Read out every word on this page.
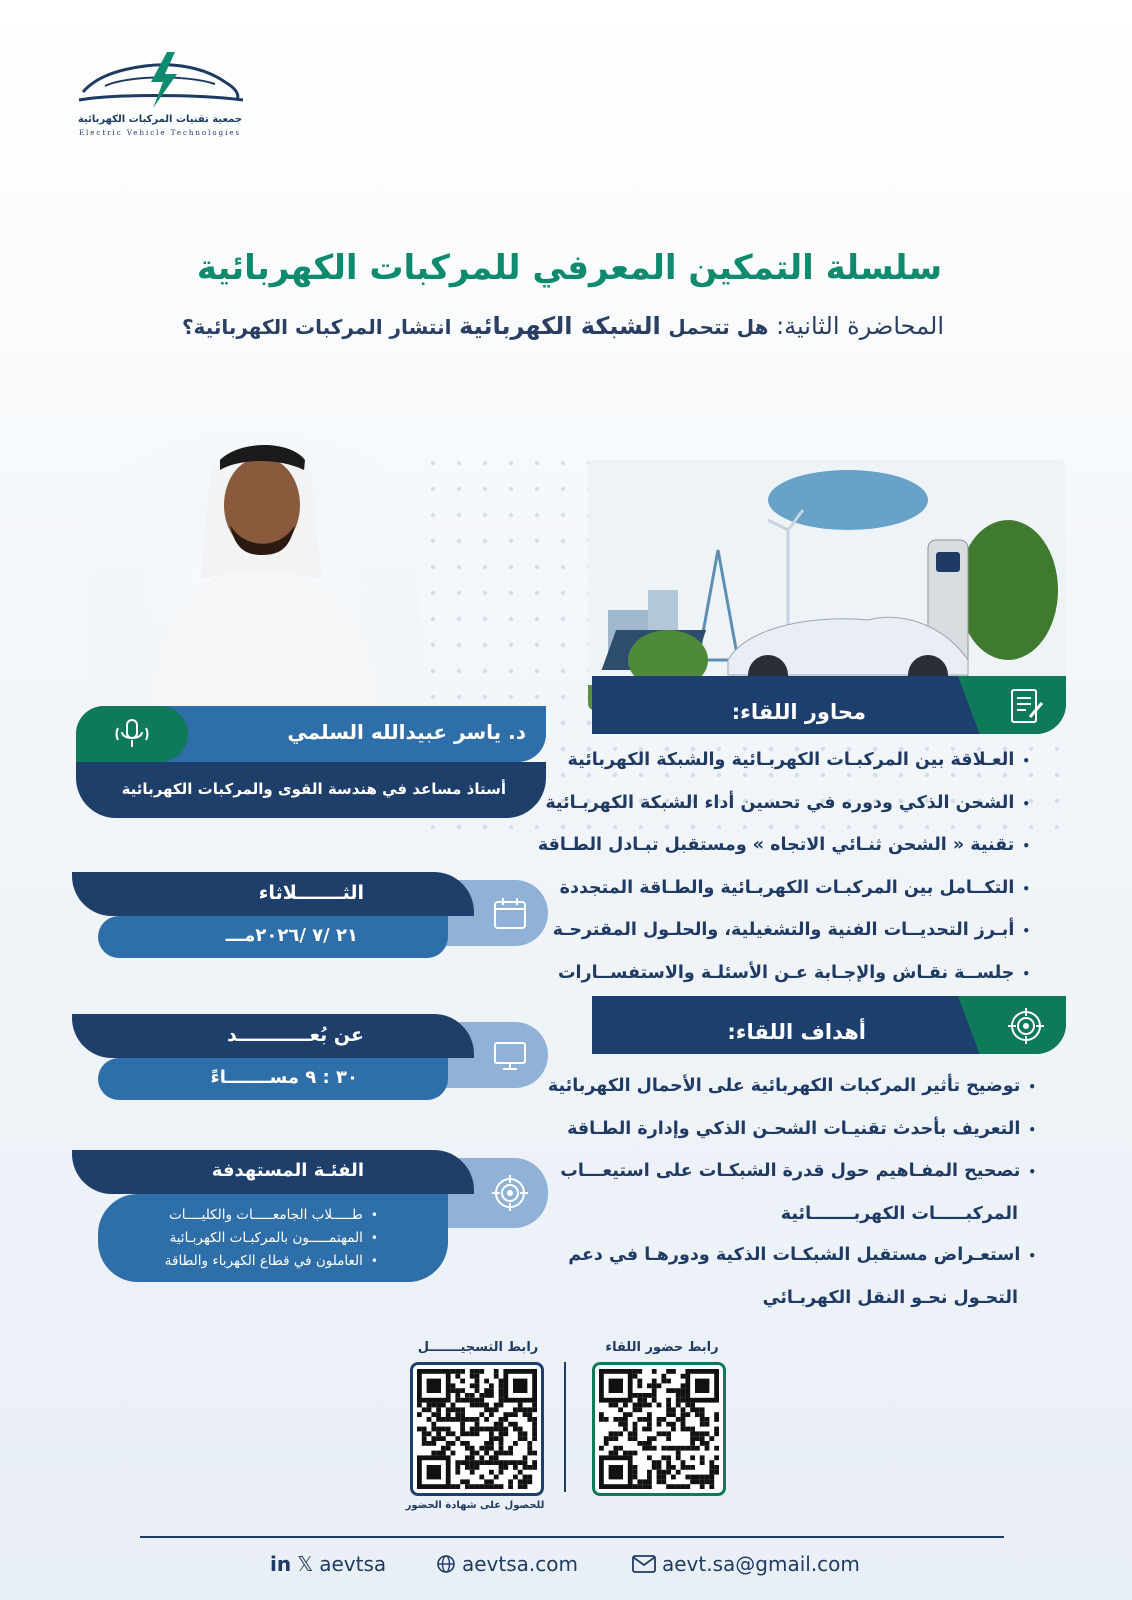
جمعية تقنيات المركبات الكهربائية
Electric Vehicle Technologies
سلسلة التمكين المعرفي للمركبات الكهربائية
المحاضرة الثانية: هل تتحمل الشبكة الكهربائية انتشار المركبات الكهربائية؟
د. ياسر عبيدالله السلمي
أستاذ مساعد في هندسة القوى والمركبات الكهربائية
الثـــــــلاثاء
٢١ /٧ /٢٠٢٦مـــ
عن بُعـــــــــــد
٣٠ : ٩ مســـــــاءً
الفئـة المستهدفة
•طـــــلاب الجامعـــــات والكليــــات
•المهتمـــــون بالمركبـات الكهربـائية
•العاملون في قطاع الكهرباء والطاقة
محاور اللقاء:
•العـلاقة بين المركبـات الكهربـائية والشبكة الكهربائية
•الشحن الذكي ودوره في تحسين أداء الشبكة الكهربـائية
•تقنية « الشحن ثنـائي الاتجاه » ومستقبل تبـادل الطـاقة
•التكــامل بين المركبـات الكهربـائية والطـاقة المتجددة
•أبـرز التحديــات الفنية والتشغيلية، والحلـول المقترحـة
•جلســة نقـاش والإجـابة عـن الأسئلـة والاستفســارات
أهداف اللقاء:
•توضيح تأثير المركبات الكهربائية على الأحمال الكهربائية
•التعريف بأحدث تقنيـات الشحـن الذكي وإدارة الطـاقة
•تصحيح المفـاهيم حول قدرة الشبكـات على استيعـــاب
المركبـــــات الكهربـــــــائية
•استعـراض مستقبل الشبكـات الذكية ودورهـا في دعم
التحـول نحـو النقل الكهربـائي
رابط حضور اللقاء
رابط التسجيـــــــل
للحصول على شهادة الحضور
in 𝕏 aevtsa	aevtsa.com	aevt.sa@gmail.com
